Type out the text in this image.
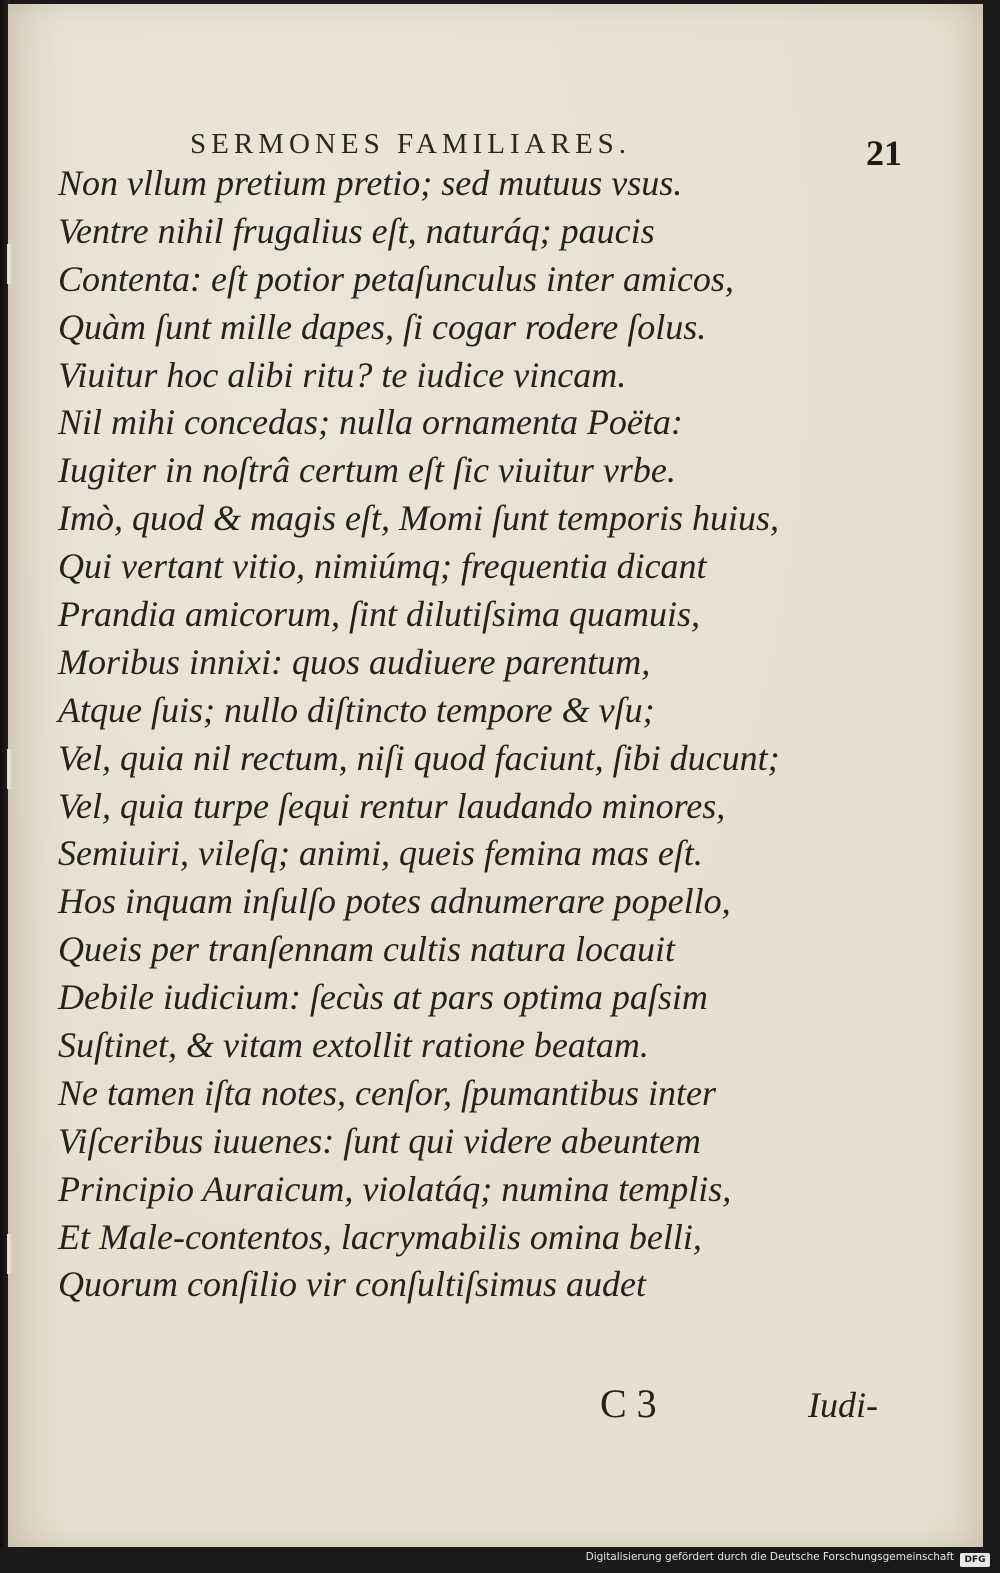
SERMONES FAMILIARES.	21
Non vllum pretium pretio; sed mutuus vsus.
Ventre nihil frugalius eſt, naturáq; paucis
Contenta: eſt potior petaſunculus inter amicos,
Quàm ſunt mille dapes, ſi cogar rodere ſolus.
Viuitur hoc alibi ritu? te iudice vincam.
Nil mihi concedas; nulla ornamenta Poëta:
Iugiter in noſtrâ certum eſt ſic viuitur vrbe.
Imò, quod & magis eſt, Momi ſunt temporis huius,
Qui vertant vitio, nimiúmq; frequentia dicant
Prandia amicorum, ſint dilutiſsima quamuis,
Moribus innixi: quos audiuere parentum,
Atque ſuis; nullo diſtincto tempore & vſu;
Vel, quia nil rectum, niſi quod faciunt, ſibi ducunt;
Vel, quia turpe ſequi rentur laudando minores,
Semiuiri, vileſq; animi, queis femina mas eſt.
Hos inquam inſulſo potes adnumerare popello,
Queis per tranſennam cultis natura locauit
Debile iudicium: ſecùs at pars optima paſsim
Suſtinet, & vitam extollit ratione beatam.
Ne tamen iſta notes, cenſor, ſpumantibus inter
Viſceribus iuuenes: ſunt qui videre abeuntem
Principio Auraicum, violatáq; numina templis,
Et Male-contentos, lacrymabilis omina belli,
Quorum conſilio vir conſultiſsimus audet
C 3	Iudi-
Digitalisierung gefördert durch die Deutsche Forschungsgemeinschaft	DFG
